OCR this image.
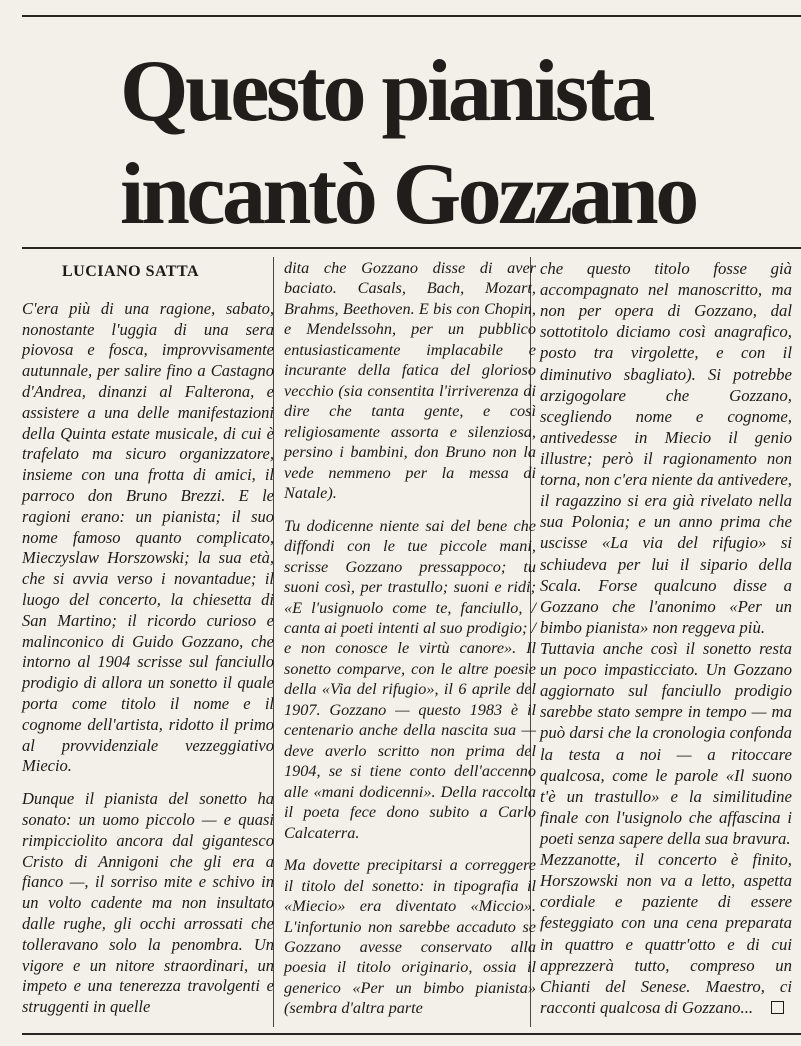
Questo pianista
incantò Gozzano

LUCIANO SATTA

C'era più di una ragione, sabato, nonostante l'uggia di una sera piovosa e fosca, improvvisamente autunnale, per salire fino a Castagno d'Andrea, dinanzi al Falterona, e assistere a una delle manifestazioni della Quinta estate musicale, di cui è trafelato ma sicuro organizzatore, insieme con una frotta di amici, il parroco don Bruno Brezzi. E le ragioni erano: un pianista; il suo nome famoso quanto complicato, Mieczyslaw Horszowski; la sua età, che si avvia verso i novantadue; il luogo del concerto, la chiesetta di San Martino; il ricordo curioso e malinconico di Guido Gozzano, che intorno al 1904 scrisse sul fanciullo prodigio di allora un sonetto il quale porta come titolo il nome e il cognome dell'artista, ridotto il primo al provvidenziale vezzeggiativo Miecio.

Dunque il pianista del sonetto ha sonato: un uomo piccolo — e quasi rimpicciolito ancora dal gigantesco Cristo di Annigoni che gli era a fianco —, il sorriso mite e schivo in un volto cadente ma non insultato dalle rughe, gli occhi arrossati che tolleravano solo la penombra. Un vigore e un nitore straordinari, un impeto e una tenerezza travolgenti e struggenti in quelle

dita che Gozzano disse di aver baciato. Casals, Bach, Mozart, Brahms, Beethoven. E bis con Chopin, e Mendelssohn, per un pubblico entusiasticamente implacabile e incurante della fatica del glorioso vecchio (sia consentita l'irriverenza di dire che tanta gente, e così religiosamente assorta e silenziosa, persino i bambini, don Bruno non la vede nemmeno per la messa di Natale).

Tu dodicenne niente sai del bene che diffondi con le tue piccole mani, scrisse Gozzano pressappoco; tu suoni così, per trastullo; suoni e ridi; «E l'usignuolo come te, fanciullo, / canta ai poeti intenti al suo prodigio; / e non conosce le virtù canore». Il sonetto comparve, con le altre poesie della «Via del rifugio», il 6 aprile del 1907. Gozzano — questo 1983 è il centenario anche della nascita sua — deve averlo scritto non prima del 1904, se si tiene conto dell'accenno alle «mani dodicenni». Della raccolta il poeta fece dono subito a Carlo Calcaterra.

Ma dovette precipitarsi a correggere il titolo del sonetto: in tipografia il «Miecio» era diventato «Miccio». L'infortunio non sarebbe accaduto se Gozzano avesse conservato alla poesia il titolo originario, ossia il generico «Per un bimbo pianista» (sembra d'altra parte

che questo titolo fosse già accompagnato nel manoscritto, ma non per opera di Gozzano, dal sottotitolo diciamo così anagrafico, posto tra virgolette, e con il diminutivo sbagliato). Si potrebbe arzigogolare che Gozzano, scegliendo nome e cognome, antivedesse in Miecio il genio illustre; però il ragionamento non torna, non c'era niente da antivedere, il ragazzino si era già rivelato nella sua Polonia; e un anno prima che uscisse «La via del rifugio» si schiudeva per lui il sipario della Scala. Forse qualcuno disse a Gozzano che l'anonimo «Per un bimbo pianista» non reggeva più.

Tuttavia anche così il sonetto resta un poco impasticciato. Un Gozzano aggiornato sul fanciullo prodigio sarebbe stato sempre in tempo — ma può darsi che la cronologia confonda la testa a noi — a ritoccare qualcosa, come le parole «Il suono t'è un trastullo» e la similitudine finale con l'usignolo che affascina i poeti senza sapere della sua bravura.

Mezzanotte, il concerto è finito, Horszowski non va a letto, aspetta cordiale e paziente di essere festeggiato con una cena preparata in quattro e quattr'otto e di cui apprezzerà tutto, compreso un Chianti del Senese. Maestro, ci racconti qualcosa di Gozzano...
